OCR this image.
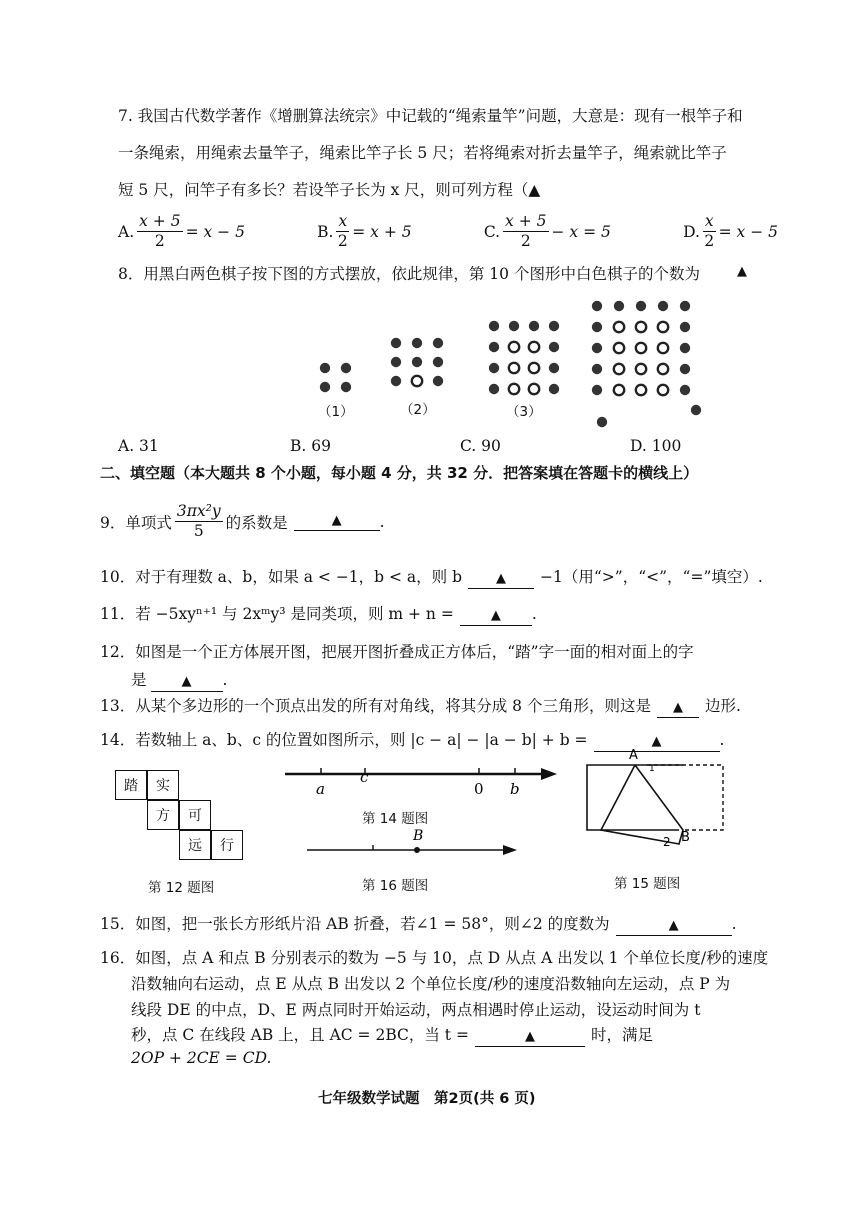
7. 我国古代数学著作《增删算法统宗》中记载的“绳索量竿”问题，大意是：现有一根竿子和
一条绳索，用绳索去量竿子，绳索比竿子长 5 尺；若将绳索对折去量竿子，绳索就比竿子
短 5 尺，问竿子有多长？若设竿子长为 x 尺，则可列方程（▲
A. $\frac{x + 5}{2} = x - 5$	B. $\frac{x}{2} = x + 5$	C. $\frac{x + 5}{2} - x = 5$	D. $\frac{x}{2} = x - 5$
8．用黑白两色棋子按下图的方式摆放，依此规律，第 10 个图形中白色棋子的个数为	▲
（1）	（2）	（3）
A. 31	B. 69	C. 90	D. 100
二、填空题（本大题共 8 个小题，每小题 4 分，共 32 分．把答案填在答题卡的横线上）
9．单项式 $\frac{\text{3πx²y}}{5}$ 的系数是	▲	.
10．对于有理数 a、b，如果 a < −1，b < a，则 b	▲	−1（用“>”，“<”，“=”填空）.
11．若 −5xyⁿ⁺¹ 与 2xᵐy³ 是同类项，则 m + n =	▲	.
12．如图是一个正方体展开图，把展开图折叠成正方体后，“踏”字一面的相对面上的字
是	▲	.
13．从某个多边形的一个顶点出发的所有对角线，将其分成 8 个三角形，则这是	▲	边形.
14．若数轴上 a、b、c 的位置如图所示，则 |c − a| − |a − b| + b =	▲	.
踏	实
方	可
远	行
第 12 题图
a
c
0 b
第 14 题图
B
第 16 题图
A
B
2
1
第 15 题图
15．如图，把一张长方形纸片沿 AB 折叠，若∠1 = 58°，则∠2 的度数为	▲	.
16．如图，点 A 和点 B 分别表示的数为 −5 与 10，点 D 从点 A 出发以 1 个单位长度/秒的速度
沿数轴向右运动，点 E 从点 B 出发以 2 个单位长度/秒的速度沿数轴向左运动，点 P 为
线段 DE 的中点，D、E 两点同时开始运动，两点相遇时停止运动，设运动时间为 t
秒，点 C 在线段 AB 上，且 AC = 2BC，当 t =	▲	时，满足
2OP + 2CE = CD.
七年级数学试题　第2页(共 6 页)
